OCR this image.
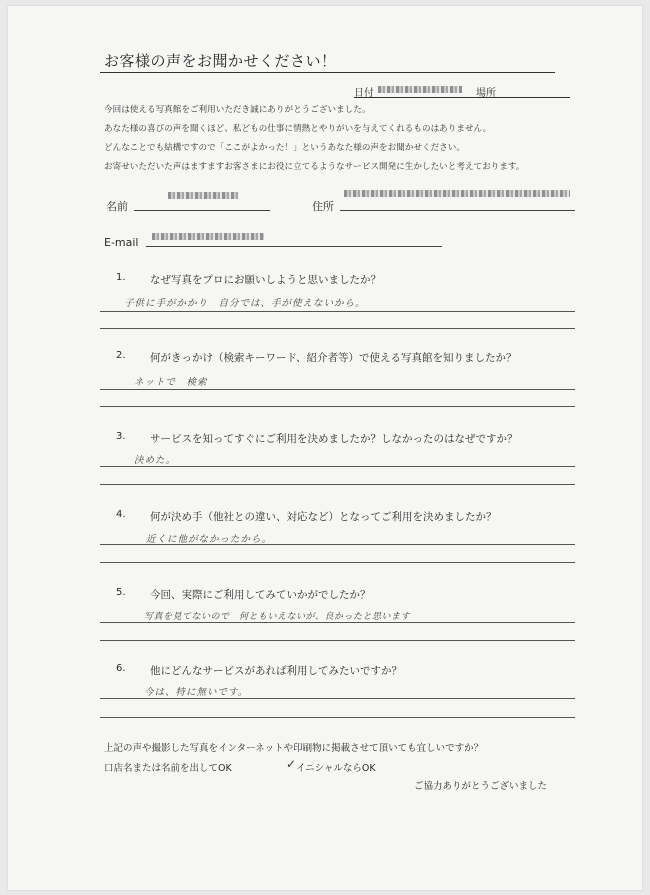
お客様の声をお聞かせください！
日付	場所
今回は使える写真館をご利用いただき誠にありがとうございました。
あなた様の喜びの声を聞くほど、私どもの仕事に情熱とやりがいを与えてくれるものはありません。
どんなことでも結構ですので「ここがよかった！」というあなた様の声をお聞かせください。
お寄せいただいた声はますますお客さまにお役に立てるようなサービス開発に生かしたいと考えております。
名前	住所
E-mail
1. なぜ写真をプロにお願いしようと思いましたか？
子供に手がかかり　自分では、手が使えないから。
2. 何がきっかけ（検索キーワード、紹介者等）で使える写真館を知りましたか？
ネットで　検索
3. サービスを知ってすぐにご利用を決めましたか？しなかったのはなぜですか？
決めた。
4. 何が決め手（他社との違い、対応など）となってご利用を決めましたか？
近くに他がなかったから。
5. 今回、実際にご利用してみていかがでしたか？
写真を見てないので　何ともいえないが、良かったと思います
6. 他にどんなサービスがあれば利用してみたいですか？
今は、特に無いです。
上記の声や撮影した写真をインターネットや印刷物に掲載させて頂いても宜しいですか？
口店名または名前を出してOK	✓ イニシャルならOK
ご協力ありがとうございました
